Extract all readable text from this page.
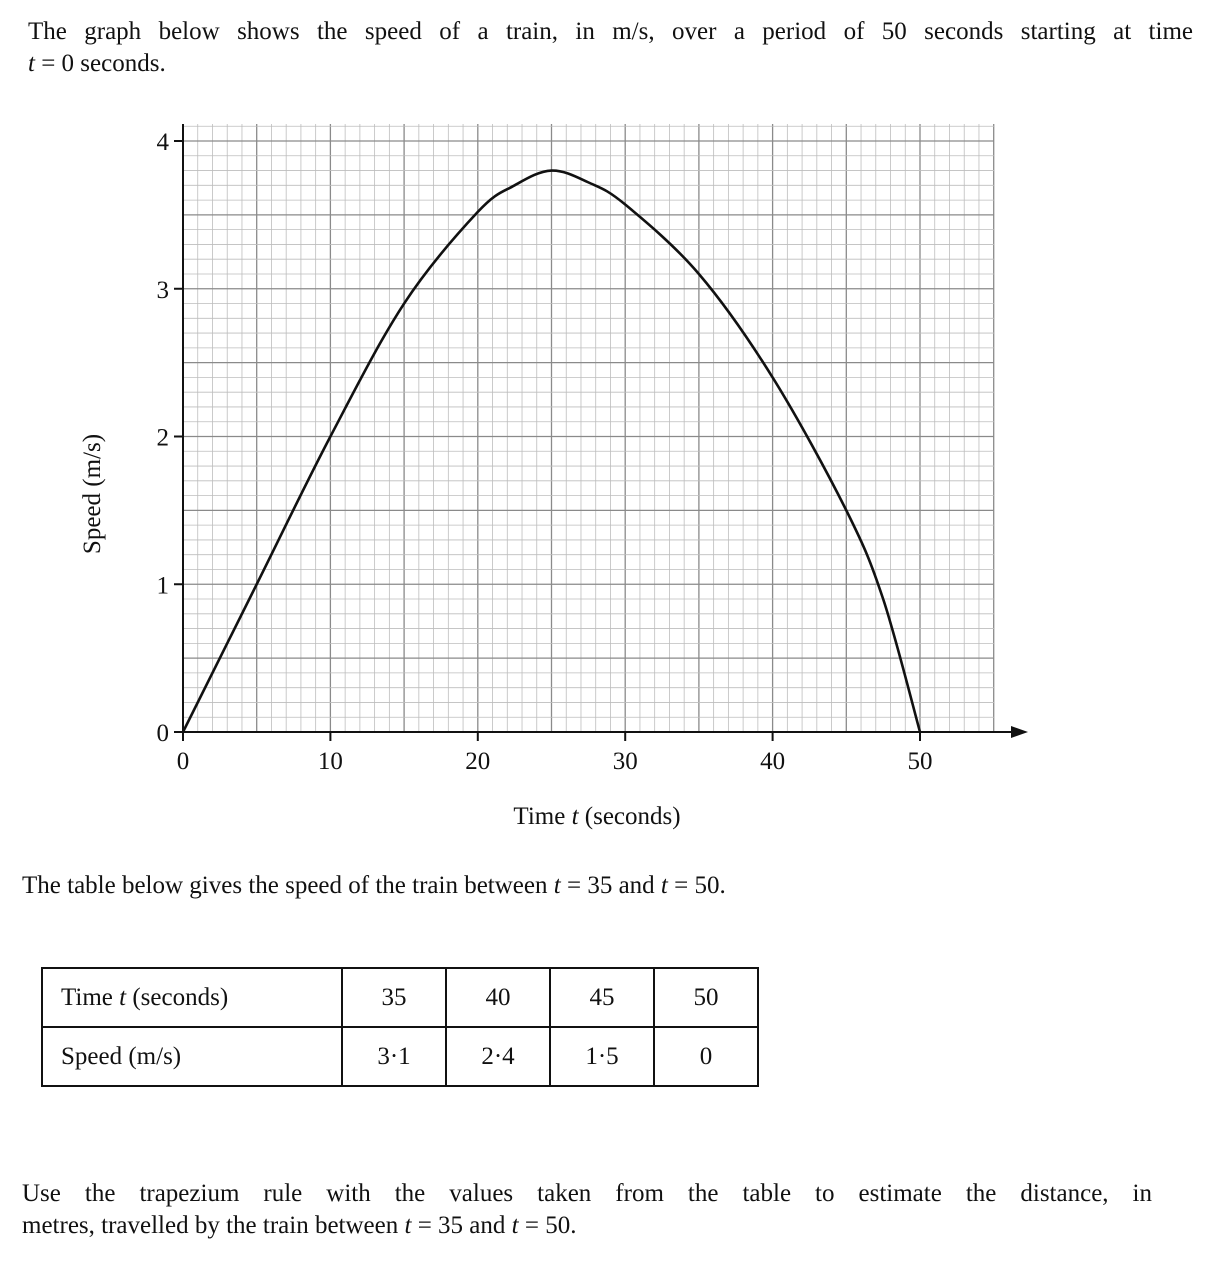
The graph below shows the speed of a train, in m/s, over a period of 50 seconds starting at time
t = 0 seconds.
0
1
2
3
4
0	10	20	30	40	50
Speed (m/s)
Time t (seconds)
The table below gives the speed of the train between t = 35 and t = 50.
Time t (seconds)	35	40	45	50
Speed (m/s)	3·1	2·4	1·5	0
Use the trapezium rule with the values taken from the table to estimate the distance, in
metres, travelled by the train between t = 35 and t = 50.
